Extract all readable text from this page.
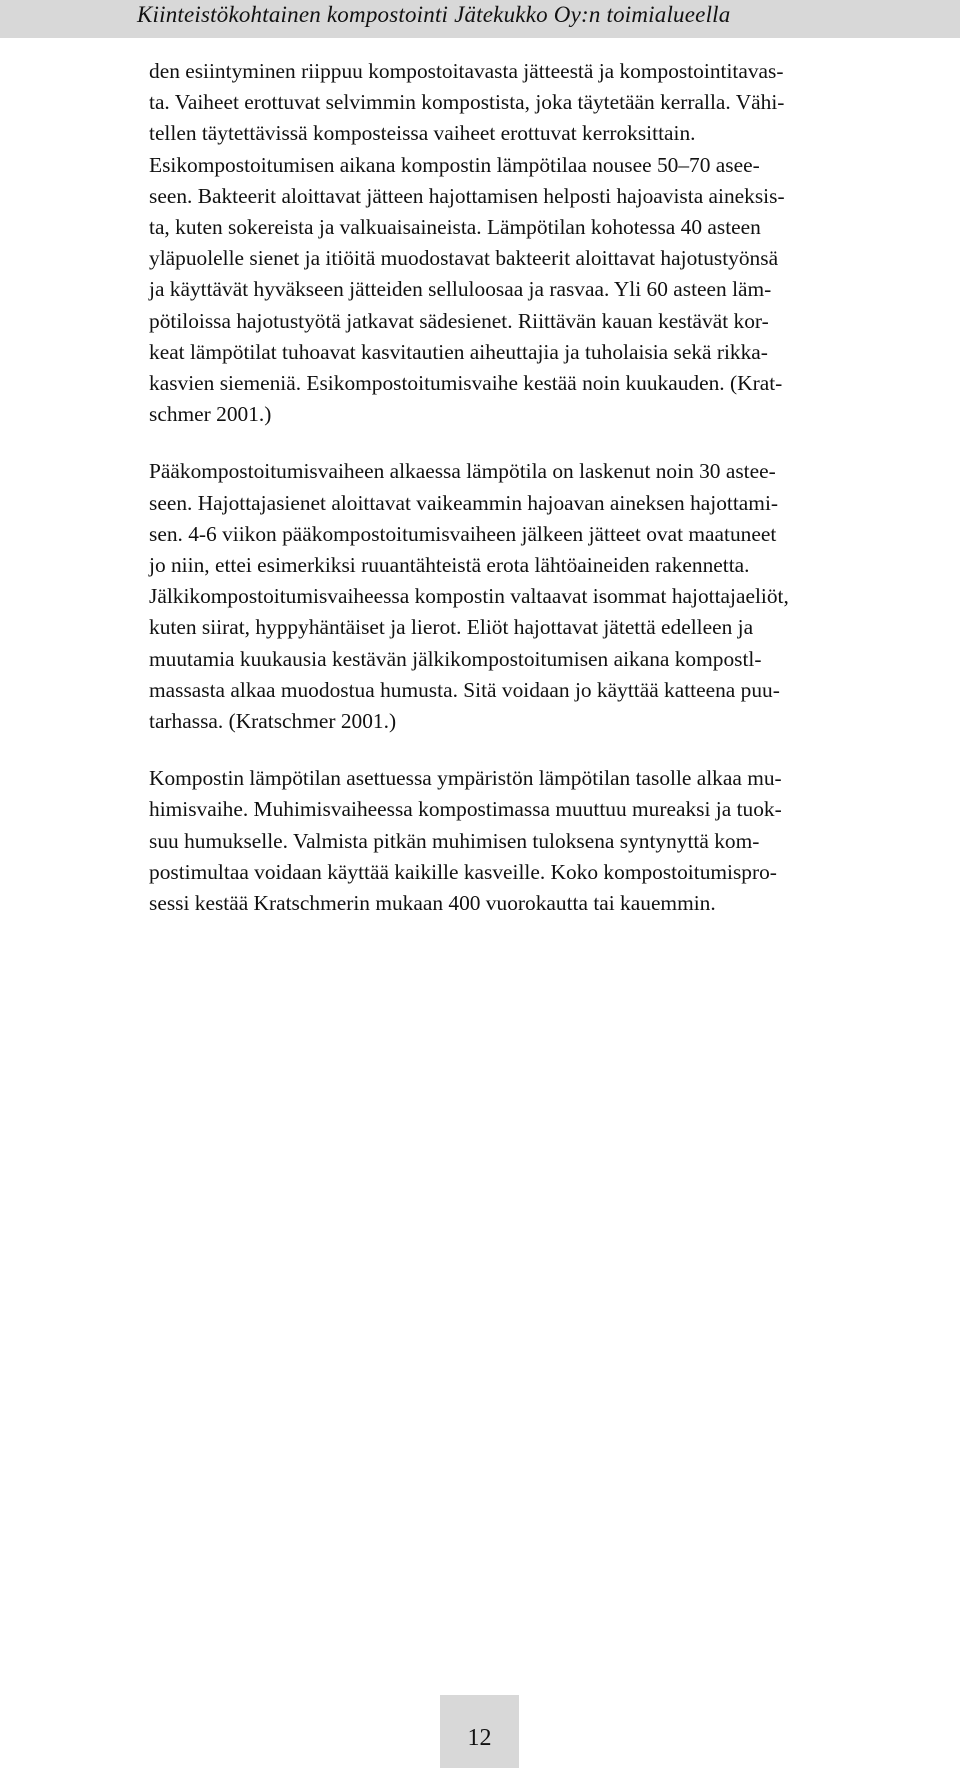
Kiinteistökohtainen kompostointi Jätekukko Oy:n toimialueella

den esiintyminen riippuu kompostoitavasta jätteestä ja kompostointitavas-
ta. Vaiheet erottuvat selvimmin kompostista, joka täytetään kerralla. Vähi-
tellen täytettävissä komposteissa vaiheet erottuvat kerroksittain.

Esikompostoitumisen aikana kompostin lämpötilaa nousee 50–70 asee-
seen. Bakteerit aloittavat jätteen hajottamisen helposti hajoavista aineksis-
ta, kuten sokereista ja valkuaisaineista. Lämpötilan kohotessa 40 asteen
yläpuolelle sienet ja itiöitä muodostavat bakteerit aloittavat hajotustyönsä
ja käyttävät hyväkseen jätteiden selluloosaa ja rasvaa. Yli 60 asteen läm-
pötiloissa hajotustyötä jatkavat sädesienet. Riittävän kauan kestävät kor-
keat lämpötilat tuhoavat kasvitautien aiheuttajia ja tuholaisia sekä rikka-
kasvien siemeniä. Esikompostoitumisvaihe kestää noin kuukauden. (Krat-
schmer 2001.)

Pääkompostoitumisvaiheen alkaessa lämpötila on laskenut noin 30 astee-
seen. Hajottajasienet aloittavat vaikeammin hajoavan aineksen hajottami-
sen. 4-6 viikon pääkompostoitumisvaiheen jälkeen jätteet ovat maatuneet
jo niin, ettei esimerkiksi ruuantähteistä erota lähtöaineiden rakennetta.
Jälkikompostoitumisvaiheessa kompostin valtaavat isommat hajottajaeliöt,
kuten siirat, hyppyhäntäiset ja lierot. Eliöt hajottavat jätettä edelleen ja
muutamia kuukausia kestävän jälkikompostoitumisen aikana kompostl-
massasta alkaa muodostua humusta. Sitä voidaan jo käyttää katteena puu-
tarhassa. (Kratschmer 2001.)

Kompostin lämpötilan asettuessa ympäristön lämpötilan tasolle alkaa mu-
himisvaihe. Muhimisvaiheessa kompostimassa muuttuu mureaksi ja tuok-
suu humukselle. Valmista pitkän muhimisen tuloksena syntynyttä kom-
postimultaa voidaan käyttää kaikille kasveille. Koko kompostoitumispro-
sessi kestää Kratschmerin mukaan 400 vuorokautta tai kauemmin.

12
